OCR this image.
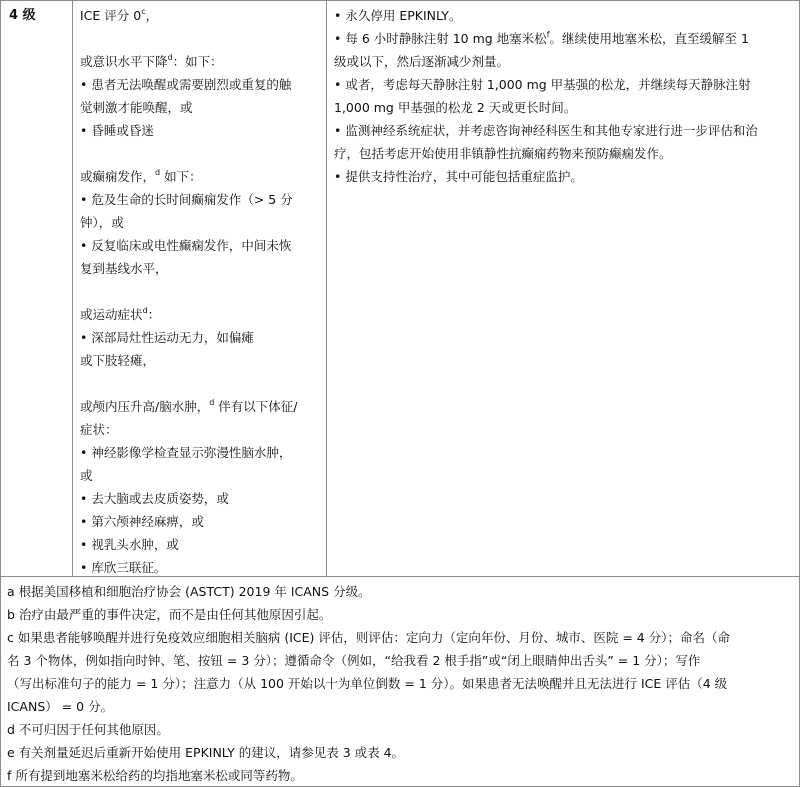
4 级	ICE 评分 0$^c$，
或意识水平下降$^d$：如下：
• 患者无法唤醒或需要剧烈或重复的触
觉刺激才能唤醒，或
• 昏睡或昏迷
或癫痫发作，$^d$ 如下：
• 危及生命的长时间癫痫发作（> 5 分
钟），或
• 反复临床或电性癫痫发作，中间未恢
复到基线水平，
或运动症状$^d$：
• 深部局灶性运动无力，如偏瘫
或下肢轻瘫，
或颅内压升高/脑水肿，$^d$ 伴有以下体征/
症状：
• 神经影像学检查显示弥漫性脑水肿，
或
• 去大脑或去皮质姿势，或
• 第六颅神经麻痹，或
• 视乳头水肿，或
• 库欣三联征。
• 永久停用 EPKINLY。
• 每 6 小时静脉注射 10 mg 地塞米松$^f$。继续使用地塞米松，直至缓解至 1
级或以下，然后逐渐减少剂量。
• 或者，考虑每天静脉注射 1,000 mg 甲基强的松龙，并继续每天静脉注射
1,000 mg 甲基强的松龙 2 天或更长时间。
• 监测神经系统症状，并考虑咨询神经科医生和其他专家进行进一步评估和治
疗，包括考虑开始使用非镇静性抗癫痫药物来预防癫痫发作。
• 提供支持性治疗，其中可能包括重症监护。
a 根据美国移植和细胞治疗协会 (ASTCT) 2019 年 ICANS 分级。
b 治疗由最严重的事件决定，而不是由任何其他原因引起。
c 如果患者能够唤醒并进行免疫效应细胞相关脑病 (ICE) 评估，则评估：定向力（定向年份、月份、城市、医院 = 4 分）；命名（命
名 3 个物体，例如指向时钟、笔、按钮 = 3 分）；遵循命令（例如，“给我看 2 根手指”或“闭上眼睛伸出舌头” = 1 分）；写作
（写出标准句子的能力 = 1 分）；注意力（从 100 开始以十为单位倒数 = 1 分）。如果患者无法唤醒并且无法进行 ICE 评估（4 级
ICANS） = 0 分。
d 不可归因于任何其他原因。
e 有关剂量延迟后重新开始使用 EPKINLY 的建议，请参见表 3 或表 4。
f 所有提到地塞米松给药的均指地塞米松或同等药物。
